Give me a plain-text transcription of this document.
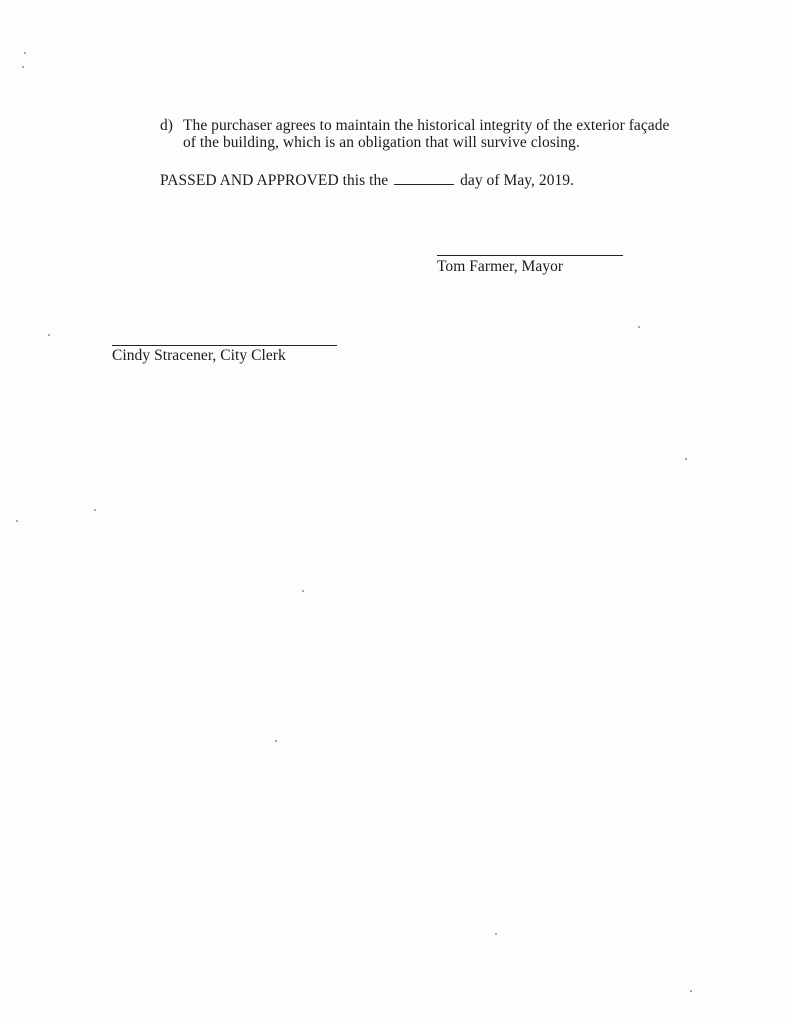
d) The purchaser agrees to maintain the historical integrity of the exterior façade
of the building, which is an obligation that will survive closing.
PASSED AND APPROVED this the	day of May, 2019.
Tom Farmer, Mayor
Cindy Stracener, City Clerk
